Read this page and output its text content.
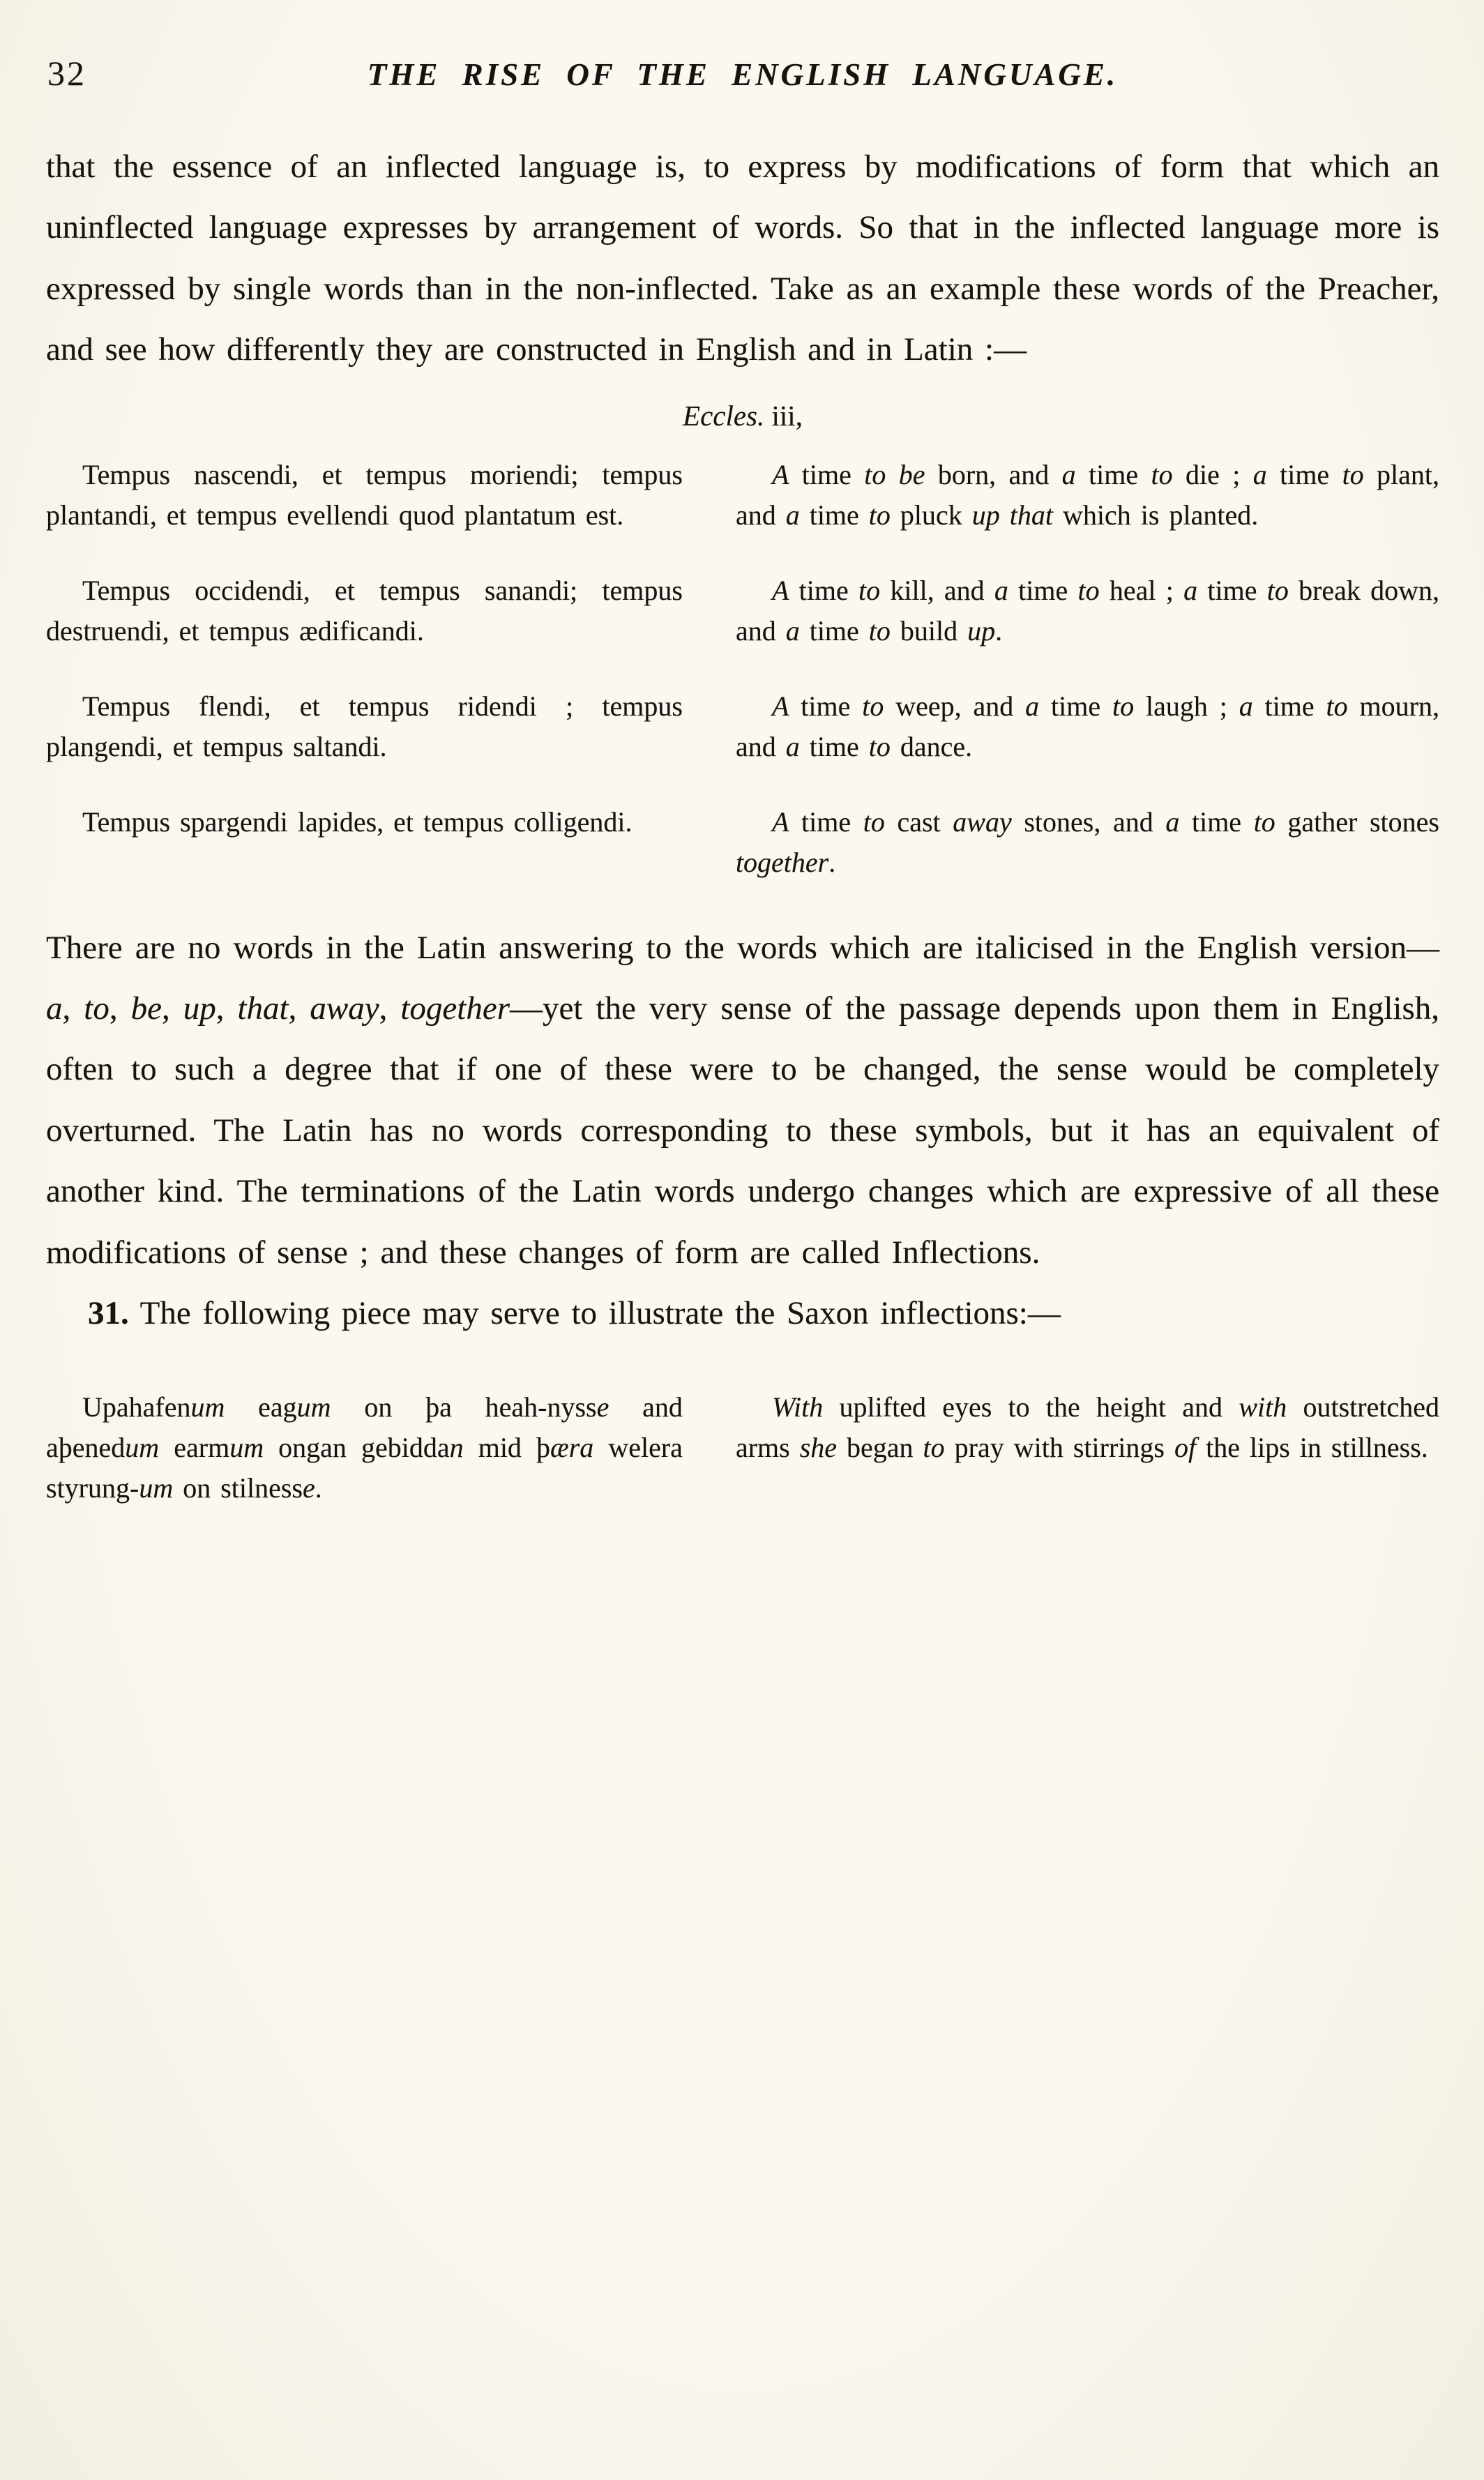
32	THE RISE OF THE ENGLISH LANGUAGE.

that the essence of an inflected language is, to express by modifications of form that which an uninflected language expresses by arrangement of words. So that in the inflected language more is expressed by single words than in the non-inflected. Take as an example these words of the Preacher, and see how differently they are constructed in English and in Latin :—

Eccles. iii,

Tempus nascendi, et tempus moriendi; tempus plantandi, et tempus evellendi quod plantatum est.

A time to be born, and a time to die ; a time to plant, and a time to pluck up that which is planted.

Tempus occidendi, et tempus sanandi; tempus destruendi, et tempus ædificandi.

A time to kill, and a time to heal ; a time to break down, and a time to build up.

Tempus flendi, et tempus ridendi ; tempus plangendi, et tempus saltandi.

A time to weep, and a time to laugh ; a time to mourn, and a time to dance.

Tempus spargendi lapides, et tempus colligendi.	A time to cast away stones, and a time to gather stones together.

There are no words in the Latin answering to the words which are italicised in the English version—a, to, be, up, that, away, together—yet the very sense of the passage depends upon them in English, often to such a degree that if one of these were to be changed, the sense would be completely overturned. The Latin has no words corresponding to these symbols, but it has an equivalent of another kind. The terminations of the Latin words undergo changes which are expressive of all these modifications of sense ; and these changes of form are called Inflections.

31. The following piece may serve to illustrate the Saxon inflections:—

Upahafenum eagum on þa heah-nysse and aþenedum earmum ongan gebiddan mid þæra welera styrung-um on stilnesse.

With uplifted eyes to the height and with outstretched arms she began to pray with stirrings of the lips in stillness.
